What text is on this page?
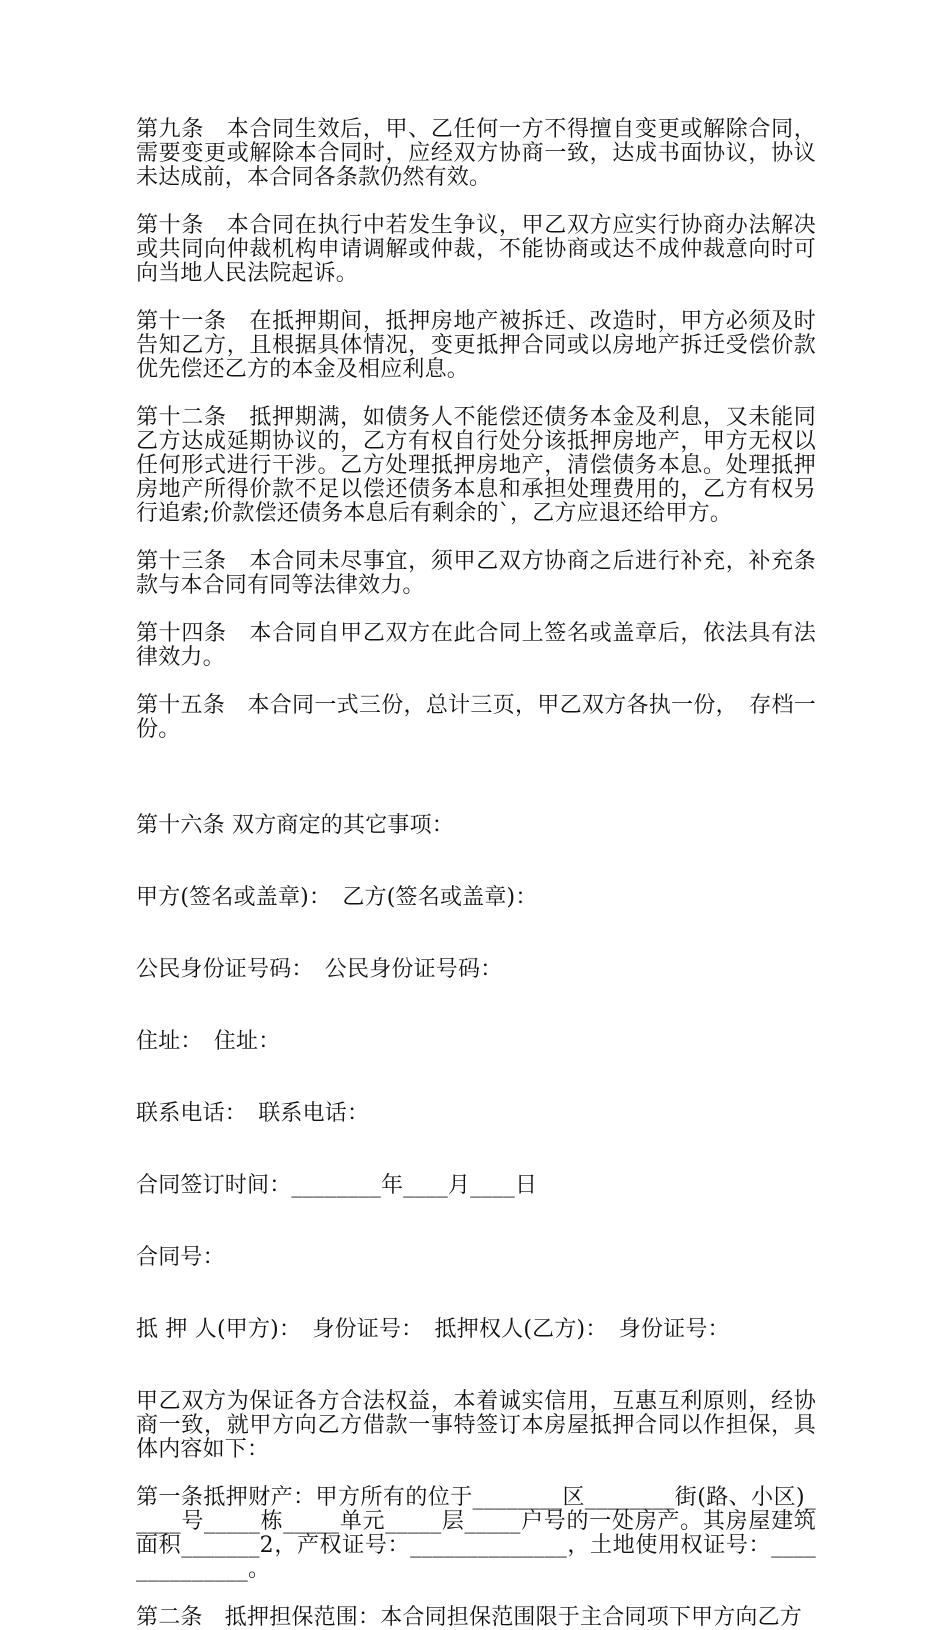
第九条　本合同生效后，甲、乙任何一方不得擅自变更或解除合同，需要变更或解除本合同时，应经双方协商一致，达成书面协议，协议未达成前，本合同各条款仍然有效。

第十条　本合同在执行中若发生争议，甲乙双方应实行协商办法解决或共同向仲裁机构申请调解或仲裁，不能协商或达不成仲裁意向时可向当地人民法院起诉。

第十一条　在抵押期间，抵押房地产被拆迁、改造时，甲方必须及时告知乙方，且根据具体情况，变更抵押合同或以房地产拆迁受偿价款优先偿还乙方的本金及相应利息。

第十二条　抵押期满，如债务人不能偿还债务本金及利息，又未能同乙方达成延期协议的，乙方有权自行处分该抵押房地产，甲方无权以任何形式进行干涉。乙方处理抵押房地产，清偿债务本息。处理抵押房地产所得价款不足以偿还债务本息和承担处理费用的，乙方有权另行追索;价款偿还债务本息后有剩余的`，乙方应退还给甲方。

第十三条　本合同未尽事宜，须甲乙双方协商之后进行补充，补充条款与本合同有同等法律效力。

第十四条　本合同自甲乙双方在此合同上签名或盖章后，依法具有法律效力。

第十五条　本合同一式三份，总计三页，甲乙双方各执一份，　存档一份。

第十六条 双方商定的其它事项：

甲方(签名或盖章)：　乙方(签名或盖章)：

公民身份证号码：　公民身份证号码：

住址：　住址：

联系电话：　联系电话：

合同签订时间：________年____月____日

合同号：

抵 押 人(甲方)：　身份证号：　抵押权人(乙方)：　身份证号：

甲乙双方为保证各方合法权益，本着诚实信用，互惠互利原则，经协商一致，就甲方向乙方借款一事特签订本房屋抵押合同以作担保，具体内容如下：

第一条抵押财产：甲方所有的位于________区________街(路、小区)_____号_____栋_____单元_____层_____户号的一处房产。其房屋建筑面积_______2，产权证号：______________，土地使用权证号：______________。

第二条　抵押担保范围：本合同担保范围限于主合同项下甲方向乙方
